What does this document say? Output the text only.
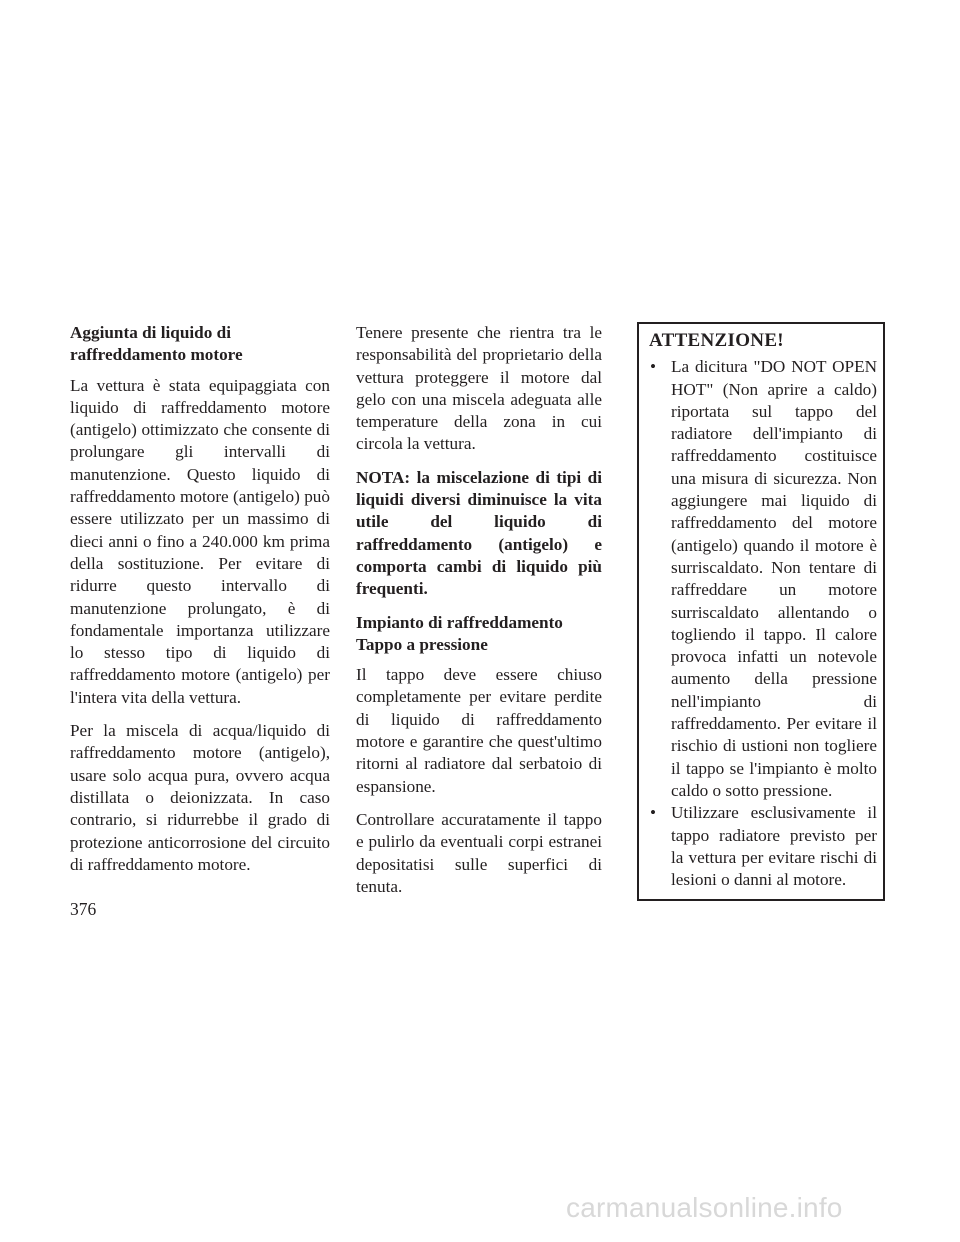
Aggiunta di liquido di raffreddamento motore

La vettura è stata equipaggiata con liquido di raffreddamento motore (antigelo) ottimizzato che consente di prolungare gli intervalli di manutenzione. Questo liquido di raffreddamento motore (antigelo) può essere utilizzato per un massimo di dieci anni o fino a 240.000 km prima della sostituzione. Per evitare di ridurre questo intervallo di manutenzione prolungato, è di fondamentale importanza utilizzare lo stesso tipo di liquido di raffreddamento motore (antigelo) per l'intera vita della vettura.

Per la miscela di acqua/liquido di raffreddamento motore (antigelo), usare solo acqua pura, ovvero acqua distillata o deionizzata. In caso contrario, si ridurrebbe il grado di protezione anticorrosione del circuito di raffreddamento motore.

Tenere presente che rientra tra le responsabilità del proprietario della vettura proteggere il motore dal gelo con una miscela adeguata alle temperature della zona in cui circola la vettura.

NOTA: la miscelazione di tipi di liquidi diversi diminuisce la vita utile del liquido di raffreddamento (antigelo) e comporta cambi di liquido più frequenti.

Impianto di raffreddamento Tappo a pressione

Il tappo deve essere chiuso completamente per evitare perdite di liquido di raffreddamento motore e garantire che quest'ultimo ritorni al radiatore dal serbatoio di espansione.

Controllare accuratamente il tappo e pulirlo da eventuali corpi estranei depositatisi sulle superfici di tenuta.

ATTENZIONE!
• La dicitura "DO NOT OPEN HOT" (Non aprire a caldo) riportata sul tappo del radiatore dell'impianto di raffreddamento costituisce una misura di sicurezza. Non aggiungere mai liquido di raffreddamento del motore (antigelo) quando il motore è surriscaldato. Non tentare di raffreddare un motore surriscaldato allentando o togliendo il tappo. Il calore provoca infatti un notevole aumento della pressione nell'impianto di raffreddamento. Per evitare il rischio di ustioni non togliere il tappo se l'impianto è molto caldo o sotto pressione.
• Utilizzare esclusivamente il tappo radiatore previsto per la vettura per evitare rischi di lesioni o danni al motore.
376
carmanualsonline.info
